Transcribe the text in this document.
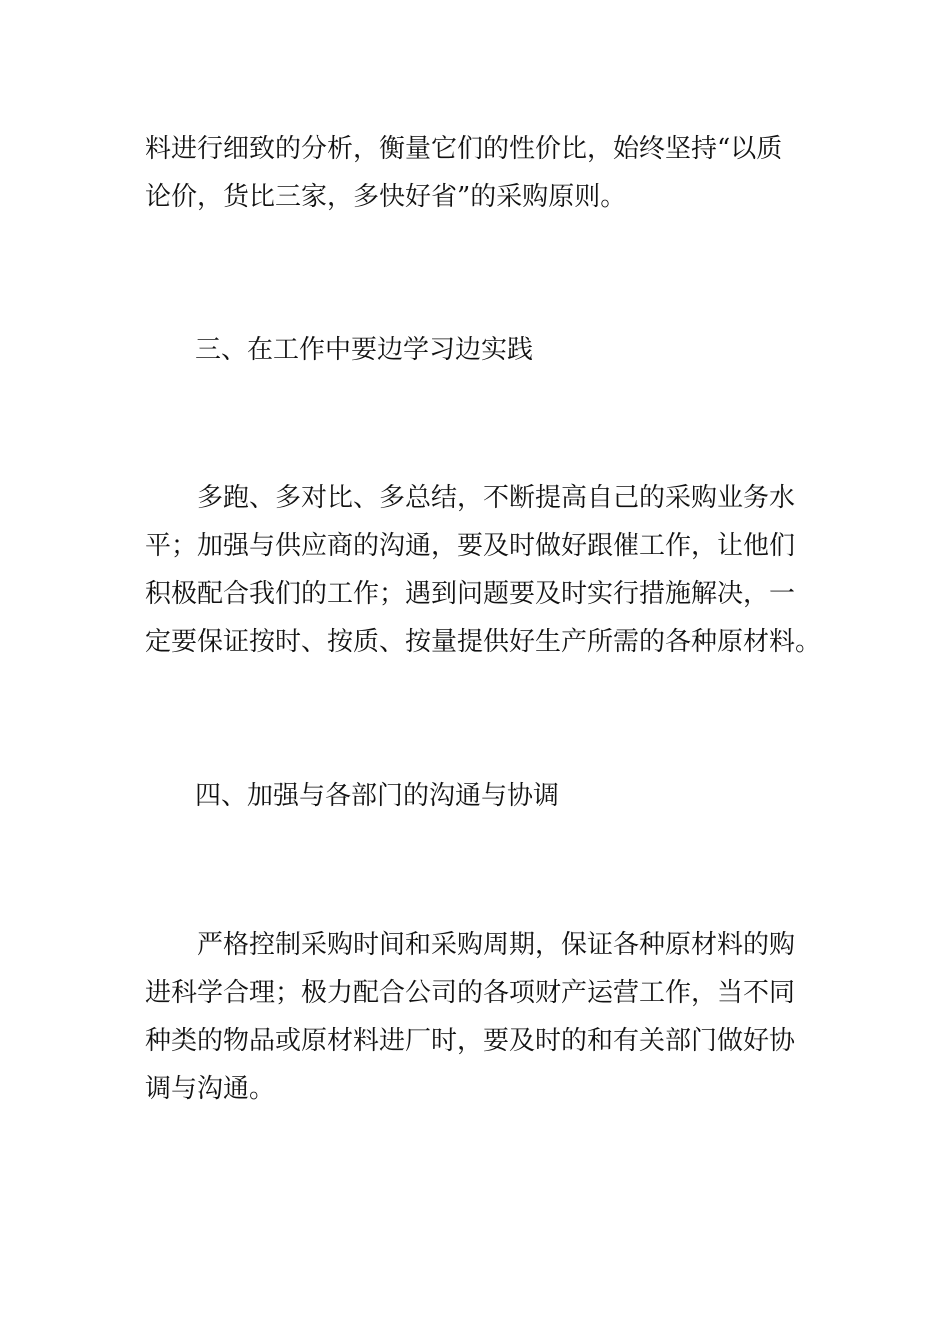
料进行细致的分析，衡量它们的性价比，始终坚持“以质
论价，货比三家，多快好省”的采购原则。

三、在工作中要边学习边实践

　　多跑、多对比、多总结，不断提高自己的采购业务水
平；加强与供应商的沟通，要及时做好跟催工作，让他们
积极配合我们的工作；遇到问题要及时实行措施解决，一
定要保证按时、按质、按量提供好生产所需的各种原材料。

四、加强与各部门的沟通与协调

　　严格控制采购时间和采购周期，保证各种原材料的购
进科学合理；极力配合公司的各项财产运营工作，当不同
种类的物品或原材料进厂时，要及时的和有关部门做好协
调与沟通。
